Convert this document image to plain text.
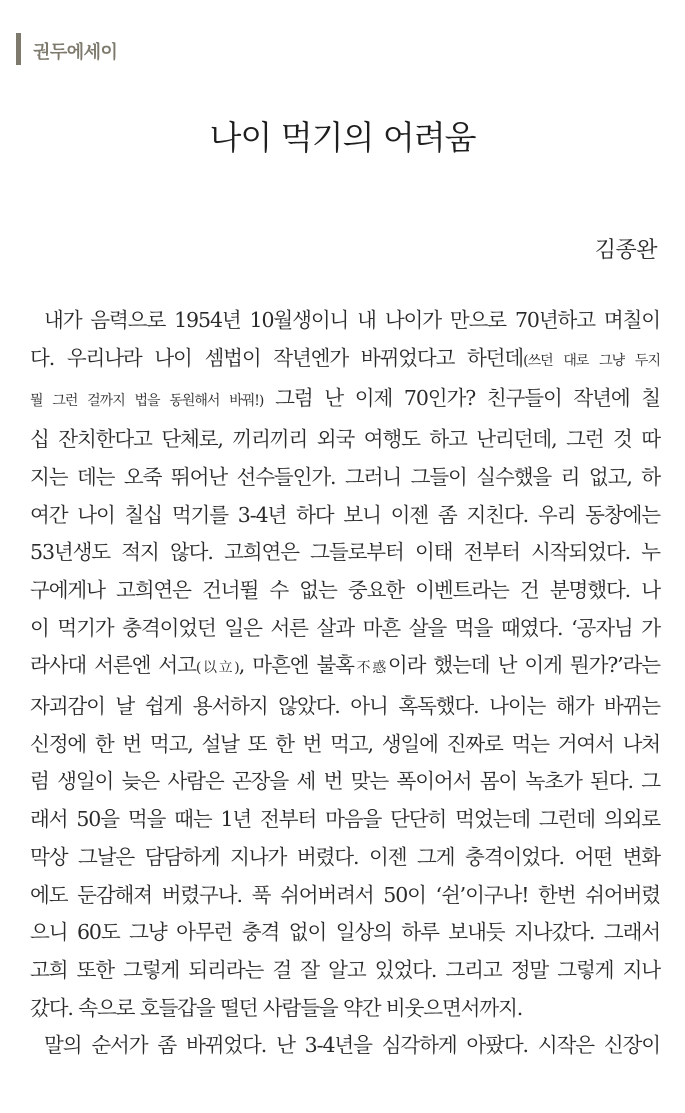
권두에세이
나이 먹기의 어려움
김종완
내가 음력으로 1954년 10월생이니 내 나이가 만으로 70년하고 며칠이
다. 우리나라 나이 셈법이 작년엔가 바뀌었다고 하던데(쓰던 대로 그냥 두지
뭘 그런 걸까지 법을 동원해서 바꿔!) 그럼 난 이제 70인가? 친구들이 작년에 칠
십 잔치한다고 단체로, 끼리끼리 외국 여행도 하고 난리던데, 그런 것 따
지는 데는 오죽 뛰어난 선수들인가. 그러니 그들이 실수했을 리 없고, 하
여간 나이 칠십 먹기를 3-4년 하다 보니 이젠 좀 지친다. 우리 동창에는
53년생도 적지 않다. 고희연은 그들로부터 이태 전부터 시작되었다. 누
구에게나 고희연은 건너뛸 수 없는 중요한 이벤트라는 건 분명했다. 나
이 먹기가 충격이었던 일은 서른 살과 마흔 살을 먹을 때였다. ‘공자님 가
라사대 서른엔 서고(以立), 마흔엔 불혹不惑이라 했는데 난 이게 뭔가?’라는
자괴감이 날 쉽게 용서하지 않았다. 아니 혹독했다. 나이는 해가 바뀌는
신정에 한 번 먹고, 설날 또 한 번 먹고, 생일에 진짜로 먹는 거여서 나처
럼 생일이 늦은 사람은 곤장을 세 번 맞는 폭이어서 몸이 녹초가 된다. 그
래서 50을 먹을 때는 1년 전부터 마음을 단단히 먹었는데 그런데 의외로
막상 그날은 담담하게 지나가 버렸다. 이젠 그게 충격이었다. 어떤 변화
에도 둔감해져 버렸구나. 푹 쉬어버려서 50이 ‘쉰’이구나! 한번 쉬어버렸
으니 60도 그냥 아무런 충격 없이 일상의 하루 보내듯 지나갔다. 그래서
고희 또한 그렇게 되리라는 걸 잘 알고 있었다. 그리고 정말 그렇게 지나
갔다. 속으로 호들갑을 떨던 사람들을 약간 비웃으면서까지.
말의 순서가 좀 바뀌었다. 난 3-4년을 심각하게 아팠다. 시작은 신장이
